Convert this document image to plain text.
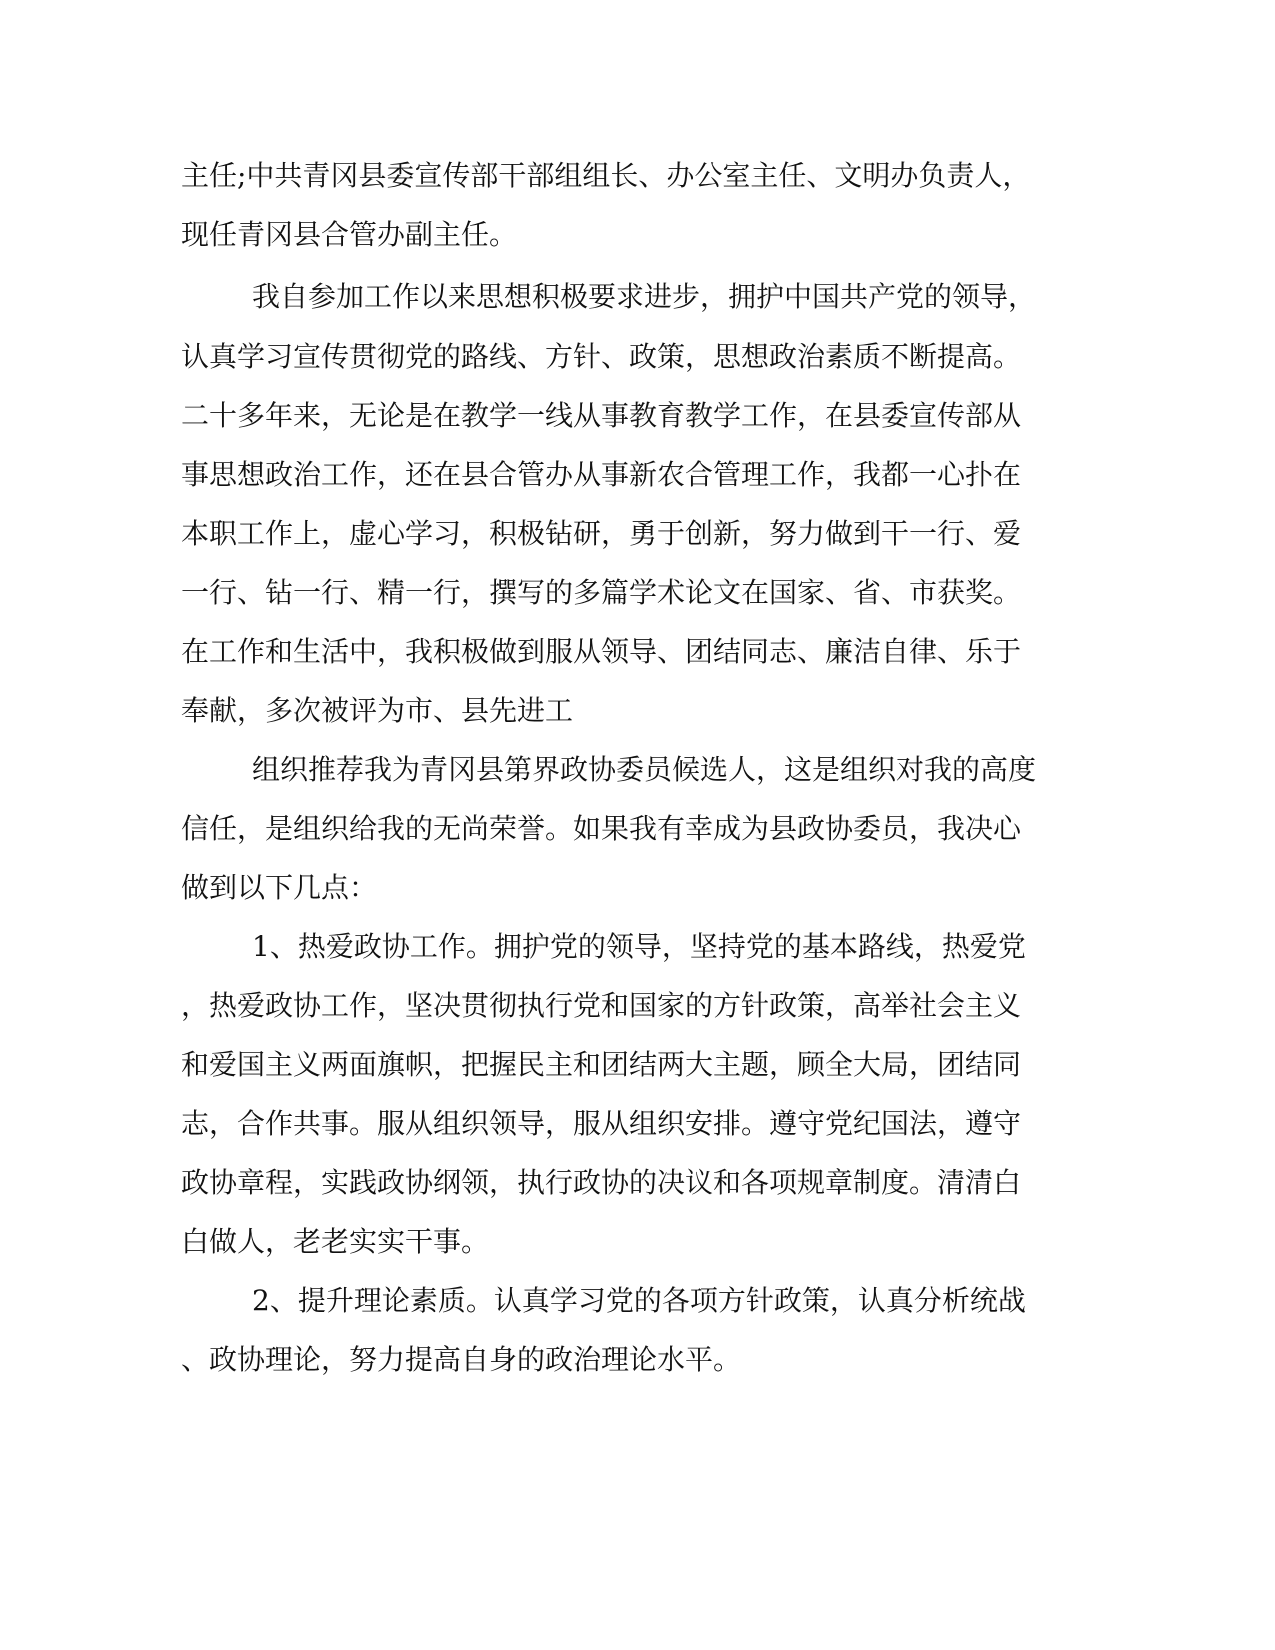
主任;中共青冈县委宣传部干部组组长、办公室主任、文明办负责人，
现任青冈县合管办副主任。
我自参加工作以来思想积极要求进步，拥护中国共产党的领导，
认真学习宣传贯彻党的路线、方针、政策，思想政治素质不断提高。
二十多年来，无论是在教学一线从事教育教学工作，在县委宣传部从
事思想政治工作，还在县合管办从事新农合管理工作，我都一心扑在
本职工作上，虚心学习，积极钻研，勇于创新，努力做到干一行、爱
一行、钻一行、精一行，撰写的多篇学术论文在国家、省、市获奖。
在工作和生活中，我积极做到服从领导、团结同志、廉洁自律、乐于
奉献，多次被评为市、县先进工
组织推荐我为青冈县第界政协委员候选人，这是组织对我的高度
信任，是组织给我的无尚荣誉。如果我有幸成为县政协委员，我决心
做到以下几点：
1、热爱政协工作。拥护党的领导，坚持党的基本路线，热爱党
，热爱政协工作，坚决贯彻执行党和国家的方针政策，高举社会主义
和爱国主义两面旗帜，把握民主和团结两大主题，顾全大局，团结同
志，合作共事。服从组织领导，服从组织安排。遵守党纪国法，遵守
政协章程，实践政协纲领，执行政协的决议和各项规章制度。清清白
白做人，老老实实干事。
2、提升理论素质。认真学习党的各项方针政策，认真分析统战
、政协理论，努力提高自身的政治理论水平。
